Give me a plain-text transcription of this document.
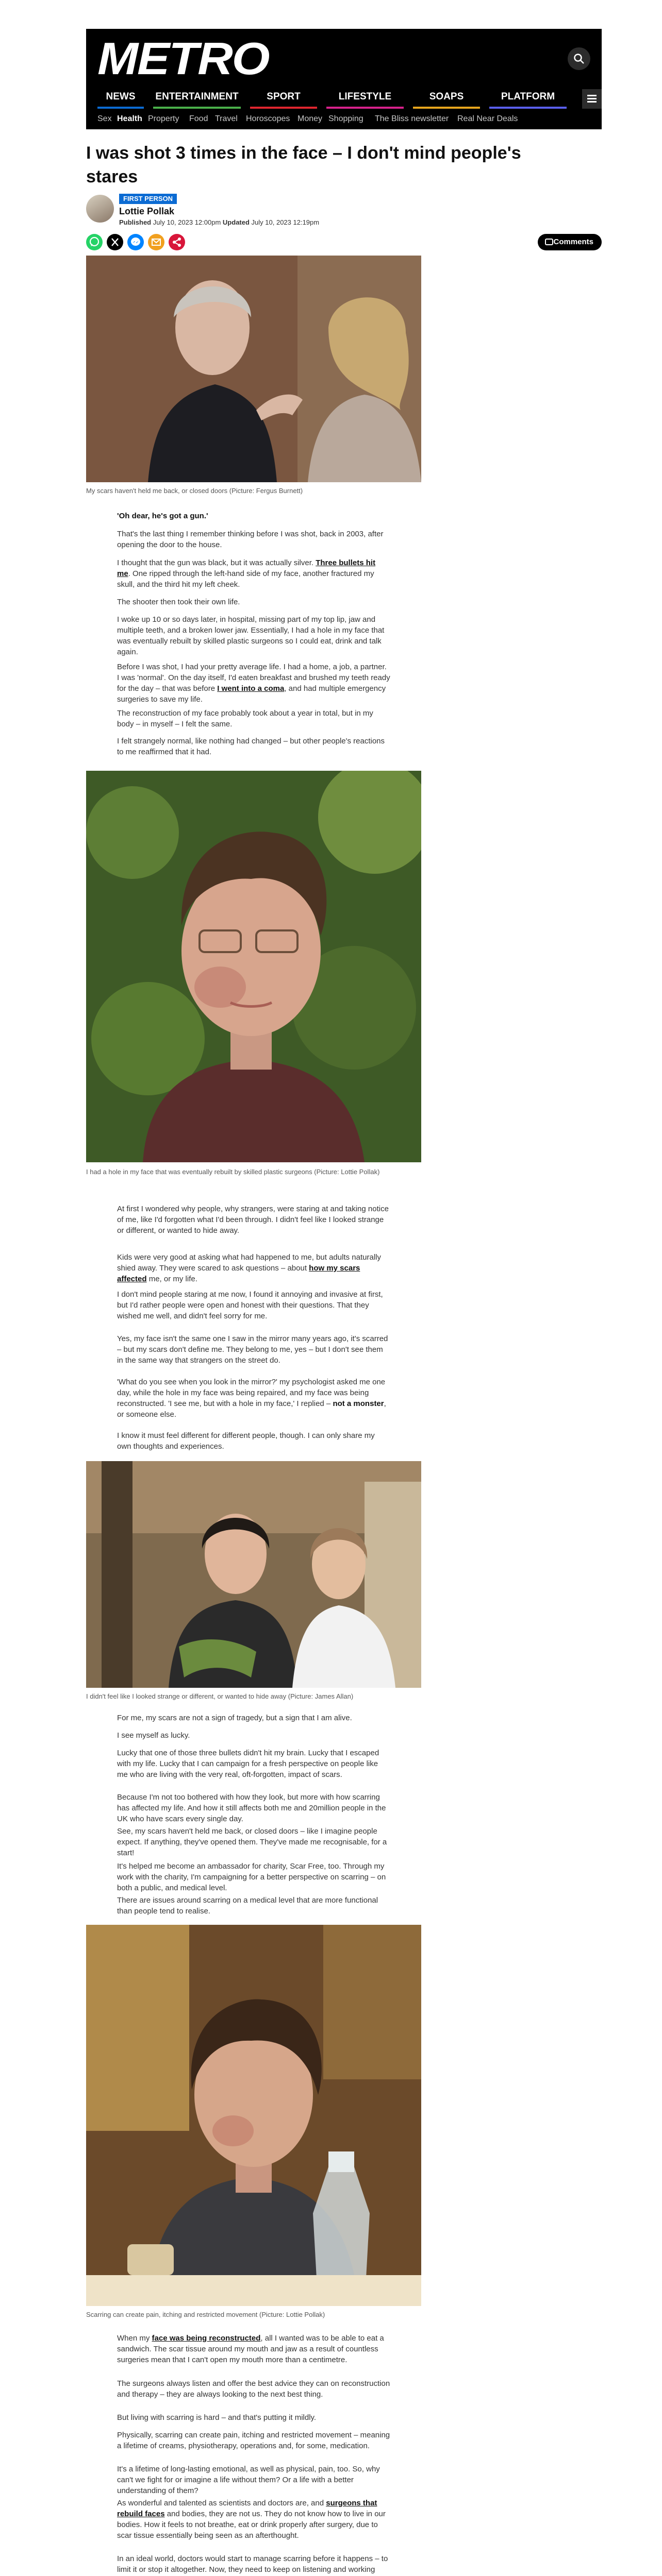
METRO
NEWS	ENTERTAINMENT	SPORT	LIFESTYLE	SOAPS	PLATFORM
Sex Health Property Food Travel Horoscopes Money Shopping The Bliss newsletter Real Near Deals
I was shot 3 times in the face – I don't mind people's stares
FIRST PERSON
Lottie Pollak
Published July 10, 2023 12:00pm Updated July 10, 2023 12:19pm
Comments
My scars haven't held me back, or closed doors (Picture: Fergus Burnett)
'Oh dear, he's got a gun.'
That's the last thing I remember thinking before I was shot, back in 2003, after opening the door to the house.
I thought that the gun was black, but it was actually silver. Three bullets hit me. One ripped through the left-hand side of my face, another fractured my skull, and the third hit my left cheek.
The shooter then took their own life.
I woke up 10 or so days later, in hospital, missing part of my top lip, jaw and multiple teeth, and a broken lower jaw. Essentially, I had a hole in my face that was eventually rebuilt by skilled plastic surgeons so I could eat, drink and talk again.
Before I was shot, I had your pretty average life. I had a home, a job, a partner. I was 'normal'. On the day itself, I'd eaten breakfast and brushed my teeth ready for the day – that was before I went into a coma, and had multiple emergency surgeries to save my life.
The reconstruction of my face probably took about a year in total, but in my body – in myself – I felt the same.
I felt strangely normal, like nothing had changed – but other people's reactions to me reaffirmed that it had.
I had a hole in my face that was eventually rebuilt by skilled plastic surgeons (Picture: Lottie Pollak)
At first I wondered why people, why strangers, were staring at and taking notice of me, like I'd forgotten what I'd been through. I didn't feel like I looked strange or different, or wanted to hide away.
Kids were very good at asking what had happened to me, but adults naturally shied away. They were scared to ask questions – about how my scars affected me, or my life.
I don't mind people staring at me now, I found it annoying and invasive at first, but I'd rather people were open and honest with their questions. That they wished me well, and didn't feel sorry for me.
Yes, my face isn't the same one I saw in the mirror many years ago, it's scarred – but my scars don't define me. They belong to me, yes – but I don't see them in the same way that strangers on the street do.
'What do you see when you look in the mirror?' my psychologist asked me one day, while the hole in my face was being repaired, and my face was being reconstructed. 'I see me, but with a hole in my face,' I replied – not a monster, or someone else.
I know it must feel different for different people, though. I can only share my own thoughts and experiences.
I didn't feel like I looked strange or different, or wanted to hide away (Picture: James Allan)
For me, my scars are not a sign of tragedy, but a sign that I am alive.
I see myself as lucky.
Lucky that one of those three bullets didn't hit my brain. Lucky that I escaped with my life. Lucky that I can campaign for a fresh perspective on people like me who are living with the very real, oft-forgotten, impact of scars.
Because I'm not too bothered with how they look, but more with how scarring has affected my life. And how it still affects both me and 20million people in the UK who have scars every single day.
See, my scars haven't held me back, or closed doors – like I imagine people expect. If anything, they've opened them. They've made me recognisable, for a start!
It's helped me become an ambassador for charity, Scar Free, too. Through my work with the charity, I'm campaigning for a better perspective on scarring – on both a public, and medical level.
There are issues around scarring on a medical level that are more functional than people tend to realise.
Scarring can create pain, itching and restricted movement (Picture: Lottie Pollak)
When my face was being reconstructed, all I wanted was to be able to eat a sandwich. The scar tissue around my mouth and jaw as a result of countless surgeries mean that I can't open my mouth more than a centimetre.
The surgeons always listen and offer the best advice they can on reconstruction and therapy – they are always looking to the next best thing.
But living with scarring is hard – and that's putting it mildly.
Physically, scarring can create pain, itching and restricted movement – meaning a lifetime of creams, physiotherapy, operations and, for some, medication.
It's a lifetime of long-lasting emotional, as well as physical, pain, too. So, why can't we fight for or imagine a life without them? Or a life with a better understanding of them?
As wonderful and talented as scientists and doctors are, and surgeons that rebuild faces and bodies, they are not us. They do not know how to live in our bodies. How it feels to not breathe, eat or drink properly after surgery, due to scar tissue essentially being seen as an afterthought.
In an ideal world, doctors would start to manage scarring before it happens – to limit it or stop it altogether. Now, they need to keep on listening and working
